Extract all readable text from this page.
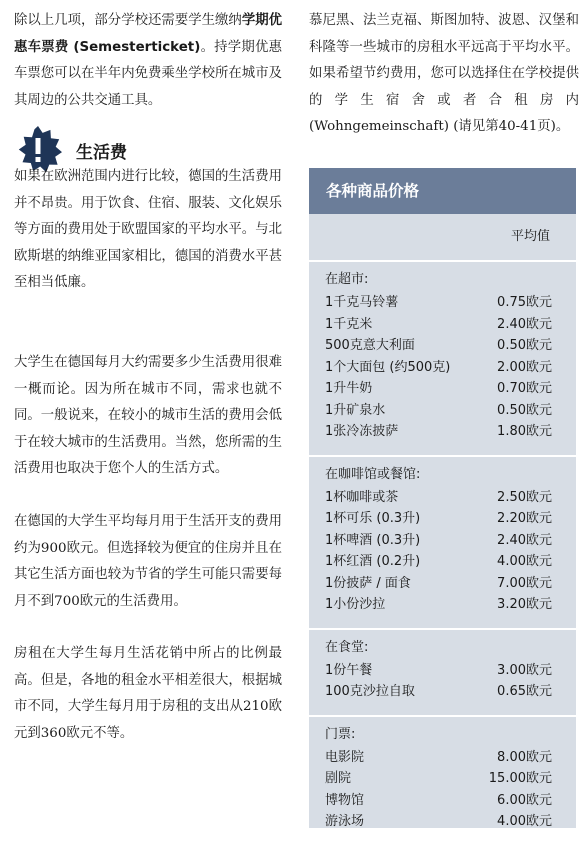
除以上几项，部分学校还需要学生缴纳学期优惠车票费 (Semesterticket)。持学期优惠车票您可以在半年内免费乘坐学校所在城市及其周边的公共交通工具。

生活费

如果在欧洲范围内进行比较，德国的生活费用并不昂贵。用于饮食、住宿、服装、文化娱乐等方面的费用处于欧盟国家的平均水平。与北欧斯堪的纳维亚国家相比，德国的消费水平甚至相当低廉。

大学生在德国每月大约需要多少生活费用很难一概而论。因为所在城市不同，需求也就不同。一般说来，在较小的城市生活的费用会低于在较大城市的生活费用。当然，您所需的生活费用也取决于您个人的生活方式。

在德国的大学生平均每月用于生活开支的费用约为900欧元。但选择较为便宜的住房并且在其它生活方面也较为节省的学生可能只需要每月不到700欧元的生活费用。

房租在大学生每月生活花销中所占的比例最高。但是，各地的租金水平相差很大，根据城市不同，大学生每月用于房租的支出从210欧元到360欧元不等。

慕尼黑、法兰克福、斯图加特、波恩、汉堡和科隆等一些城市的房租水平远高于平均水平。如果希望节约费用，您可以选择住在学校提供的学生宿舍或者合租房内 (Wohngemeinschaft) (请见第40-41页)。

各种商品价格
平均值
在超市:
1千克马铃薯	0.75欧元
1千克米	2.40欧元
500克意大利面	0.50欧元
1个大面包 (约500克)	2.00欧元
1升牛奶	0.70欧元
1升矿泉水	0.50欧元
1张冷冻披萨	1.80欧元
在咖啡馆或餐馆:
1杯咖啡或茶	2.50欧元
1杯可乐 (0.3升)	2.20欧元
1杯啤酒 (0.3升)	2.40欧元
1杯红酒 (0.2升)	4.00欧元
1份披萨 / 面食	7.00欧元
1小份沙拉	3.20欧元
在食堂:
1份午餐	3.00欧元
100克沙拉自取	0.65欧元
门票:
电影院	8.00欧元
剧院	15.00欧元
博物馆	6.00欧元
游泳场	4.00欧元
